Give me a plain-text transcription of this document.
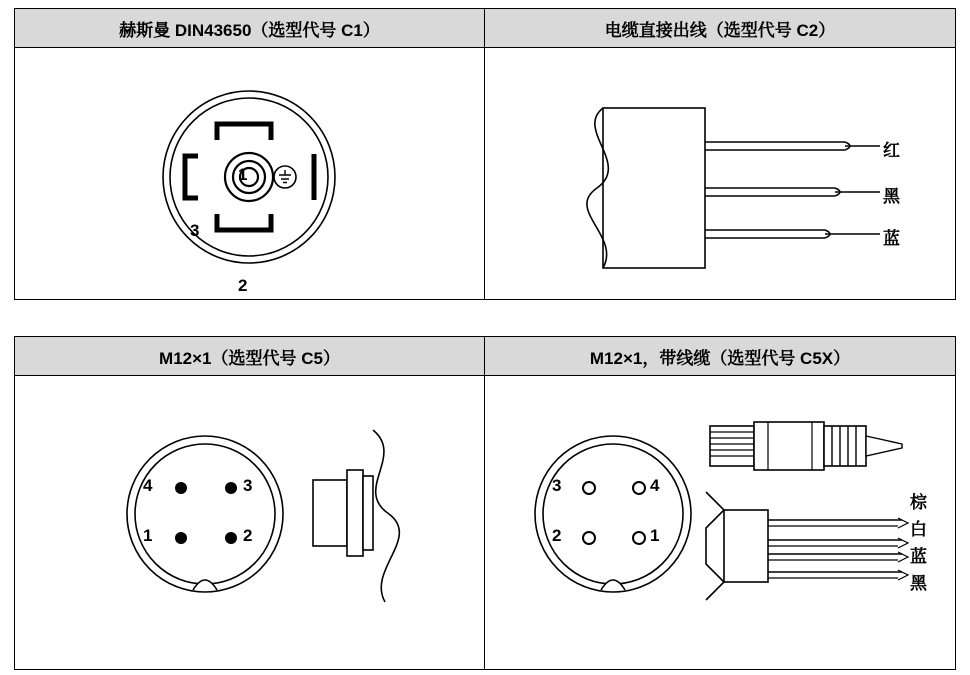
赫斯曼 DIN43650（选型代号 C1）	电缆直接出线（选型代号 C2）
1
3
2
红
黑
蓝
M12×1（选型代号 C5）	M12×1，带线缆（选型代号 C5X）
4	3
1	2
3	4
2	1
棕
白
蓝
黑
